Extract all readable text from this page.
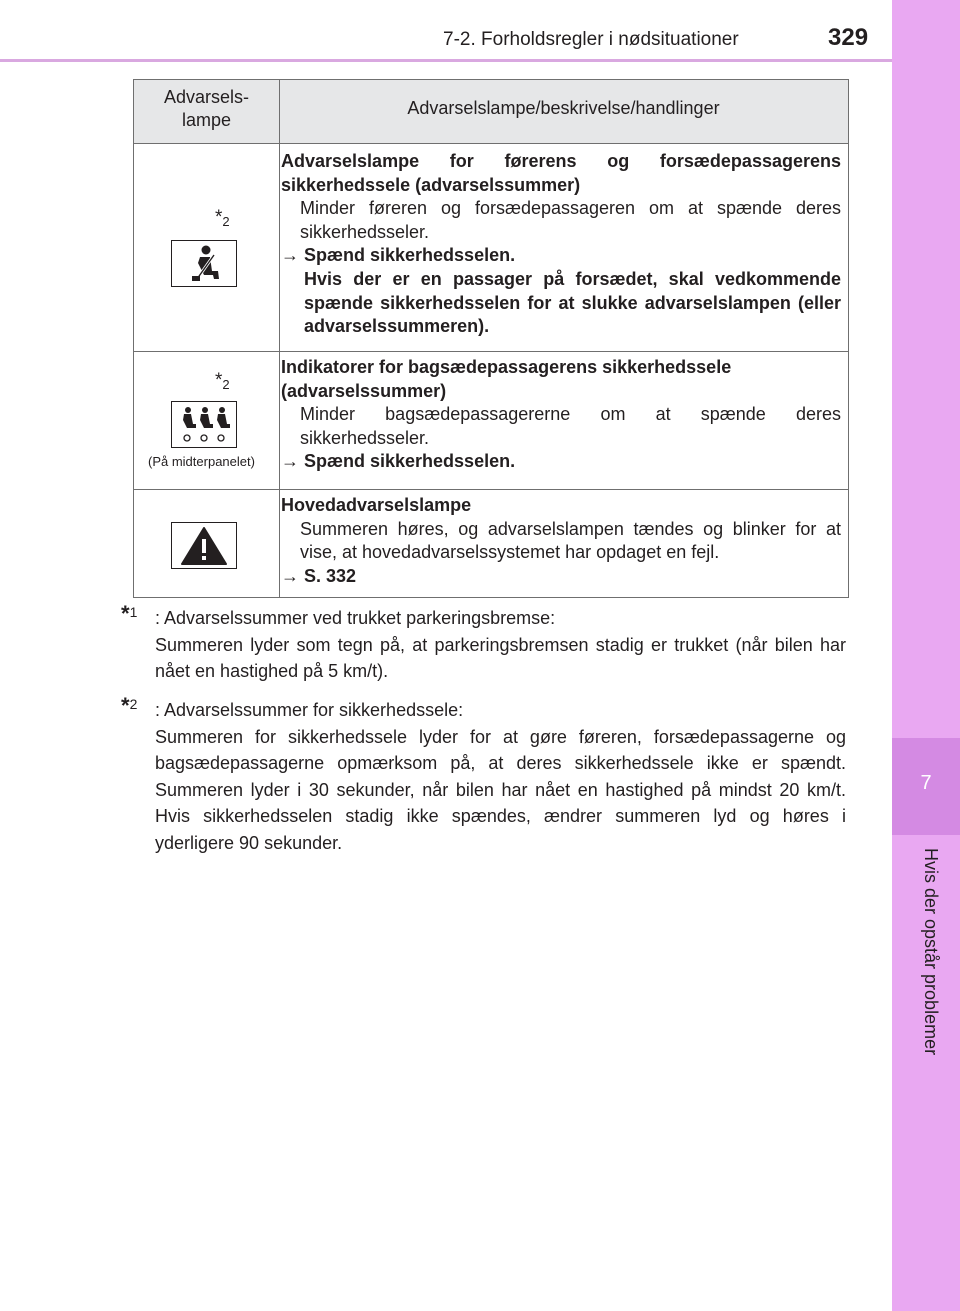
7-2. Forholdsregler i nødsituationer	329
7
Hvis der opstår problemer
Advarsels-
lampe
Advarselslampe/beskrivelse/handlinger
$*_2$

Advarselslampe for førerens og forsædepassagerens sikkerhedssele (advarselssummer)

Minder føreren og forsædepassageren om at spænde deres sikkerhedsseler.

→ Spænd sikkerhedsselen.

Hvis der er en passager på forsædet, skal vedkommende spænde sikkerhedsselen for at slukke advarselslampen (eller advarselssummeren).

$*_2$
(På midterpanelet)

Indikatorer for bagsædepassagerens sikkerhedssele (advarselssummer)

Minder bagsædepassagererne om at spænde deres sikkerhedsseler.

→ Spænd sikkerhedsselen.

Hovedadvarselslampe

Summeren høres, og advarselslampen tændes og blinker for at vise, at hovedadvarselssystemet har opdaget en fejl.

→ S. 332

$*_1$ : Advarselssummer ved trukket parkeringsbremse:
Summeren lyder som tegn på, at parkeringsbremsen stadig er trukket (når bilen har nået en hastighed på 5 km/t).
$*_2$ : Advarselssummer for sikkerhedssele:
Summeren for sikkerhedssele lyder for at gøre føreren, forsædepassagerne og bagsædepassagerne opmærksom på, at deres sikkerhedssele ikke er spændt. Summeren lyder i 30 sekunder, når bilen har nået en hastighed på mindst 20 km/t. Hvis sikkerhedsselen stadig ikke spændes, ændrer summeren lyd og høres i yderligere 90 sekunder.
